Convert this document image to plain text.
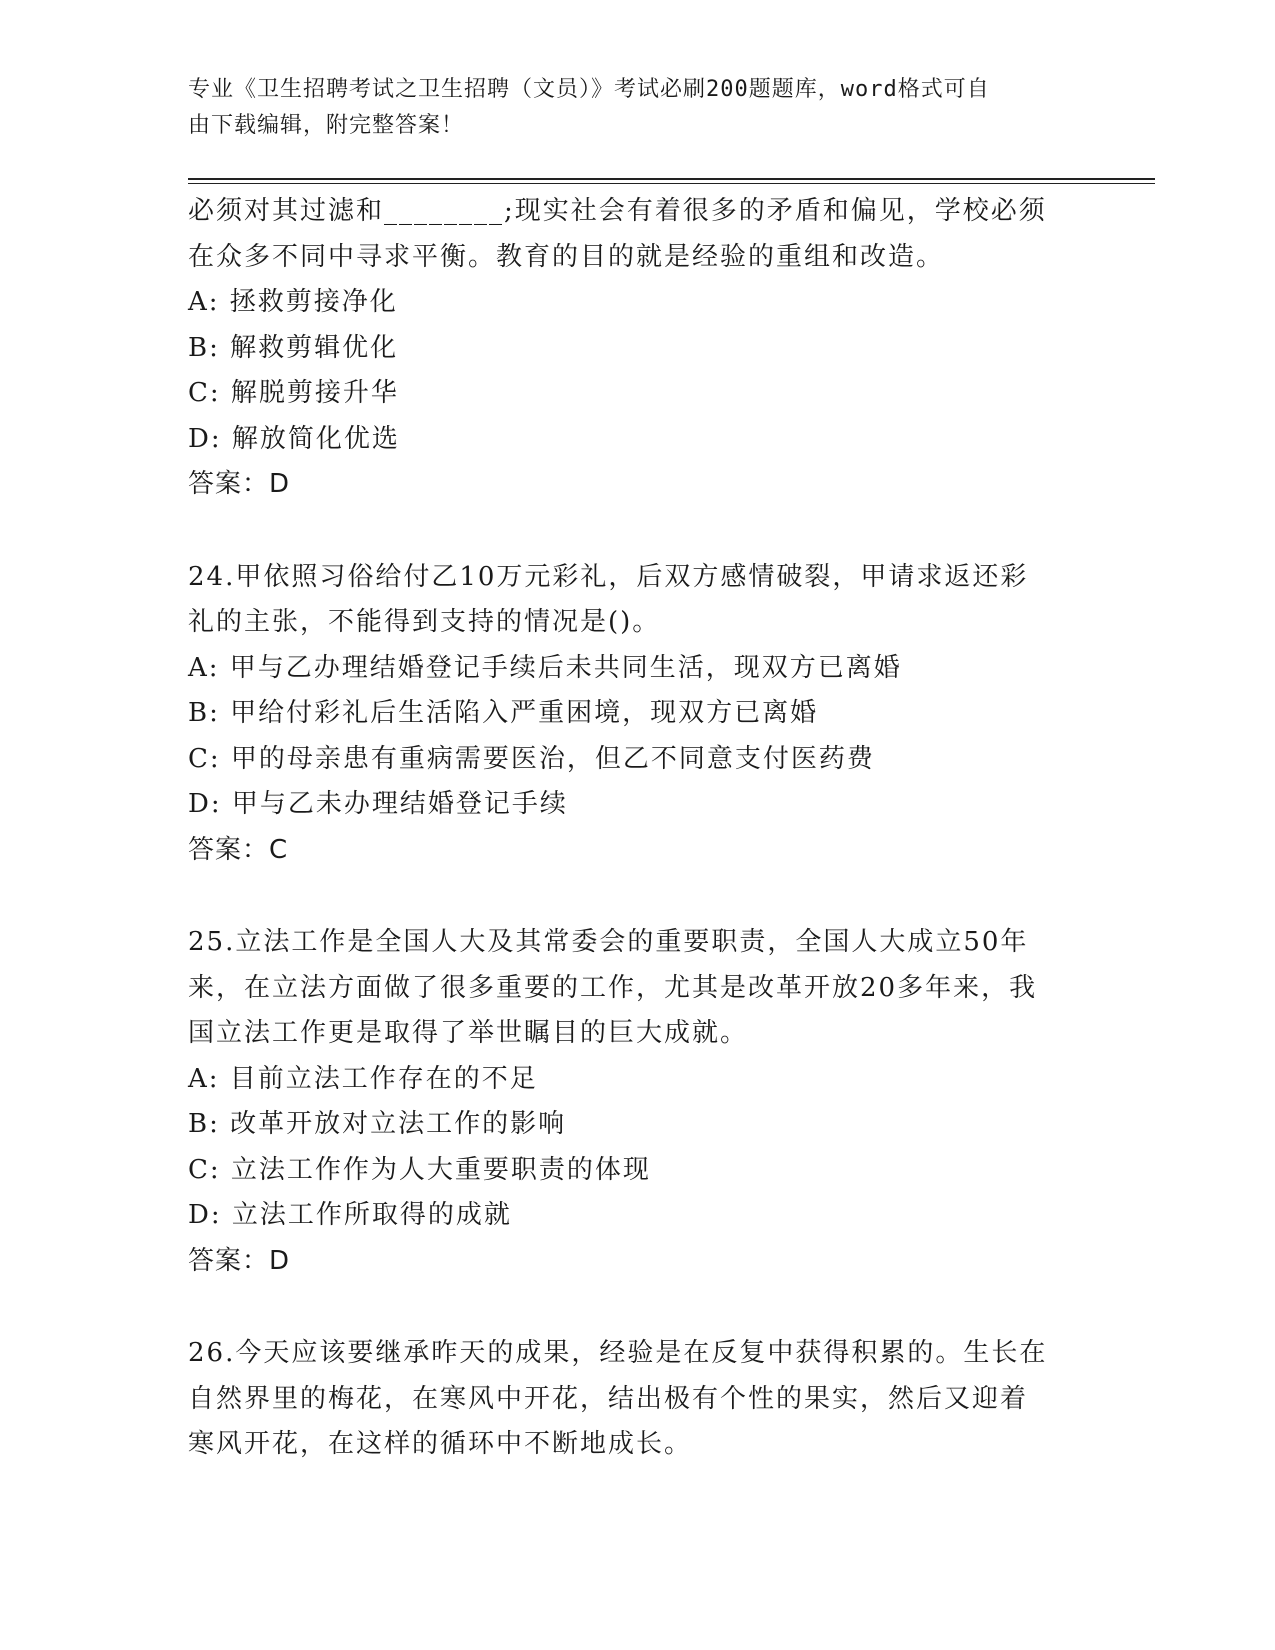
专业《卫生招聘考试之卫生招聘（文员）》考试必刷200题题库，word格式可自
由下载编辑，附完整答案！
必须对其过滤和________;现实社会有着很多的矛盾和偏见，学校必须
在众多不同中寻求平衡。教育的目的就是经验的重组和改造。
A: 拯救剪接净化
B: 解救剪辑优化
C: 解脱剪接升华
D: 解放简化优选
答案：D
24.甲依照习俗给付乙10万元彩礼，后双方感情破裂，甲请求返还彩
礼的主张，不能得到支持的情况是()。
A: 甲与乙办理结婚登记手续后未共同生活，现双方已离婚
B: 甲给付彩礼后生活陷入严重困境，现双方已离婚
C: 甲的母亲患有重病需要医治，但乙不同意支付医药费
D: 甲与乙未办理结婚登记手续
答案：C
25.立法工作是全国人大及其常委会的重要职责，全国人大成立50年
来，在立法方面做了很多重要的工作，尤其是改革开放20多年来，我
国立法工作更是取得了举世瞩目的巨大成就。
A: 目前立法工作存在的不足
B: 改革开放对立法工作的影响
C: 立法工作作为人大重要职责的体现
D: 立法工作所取得的成就
答案：D
26.今天应该要继承昨天的成果，经验是在反复中获得积累的。生长在
自然界里的梅花，在寒风中开花，结出极有个性的果实，然后又迎着
寒风开花，在这样的循环中不断地成长。
